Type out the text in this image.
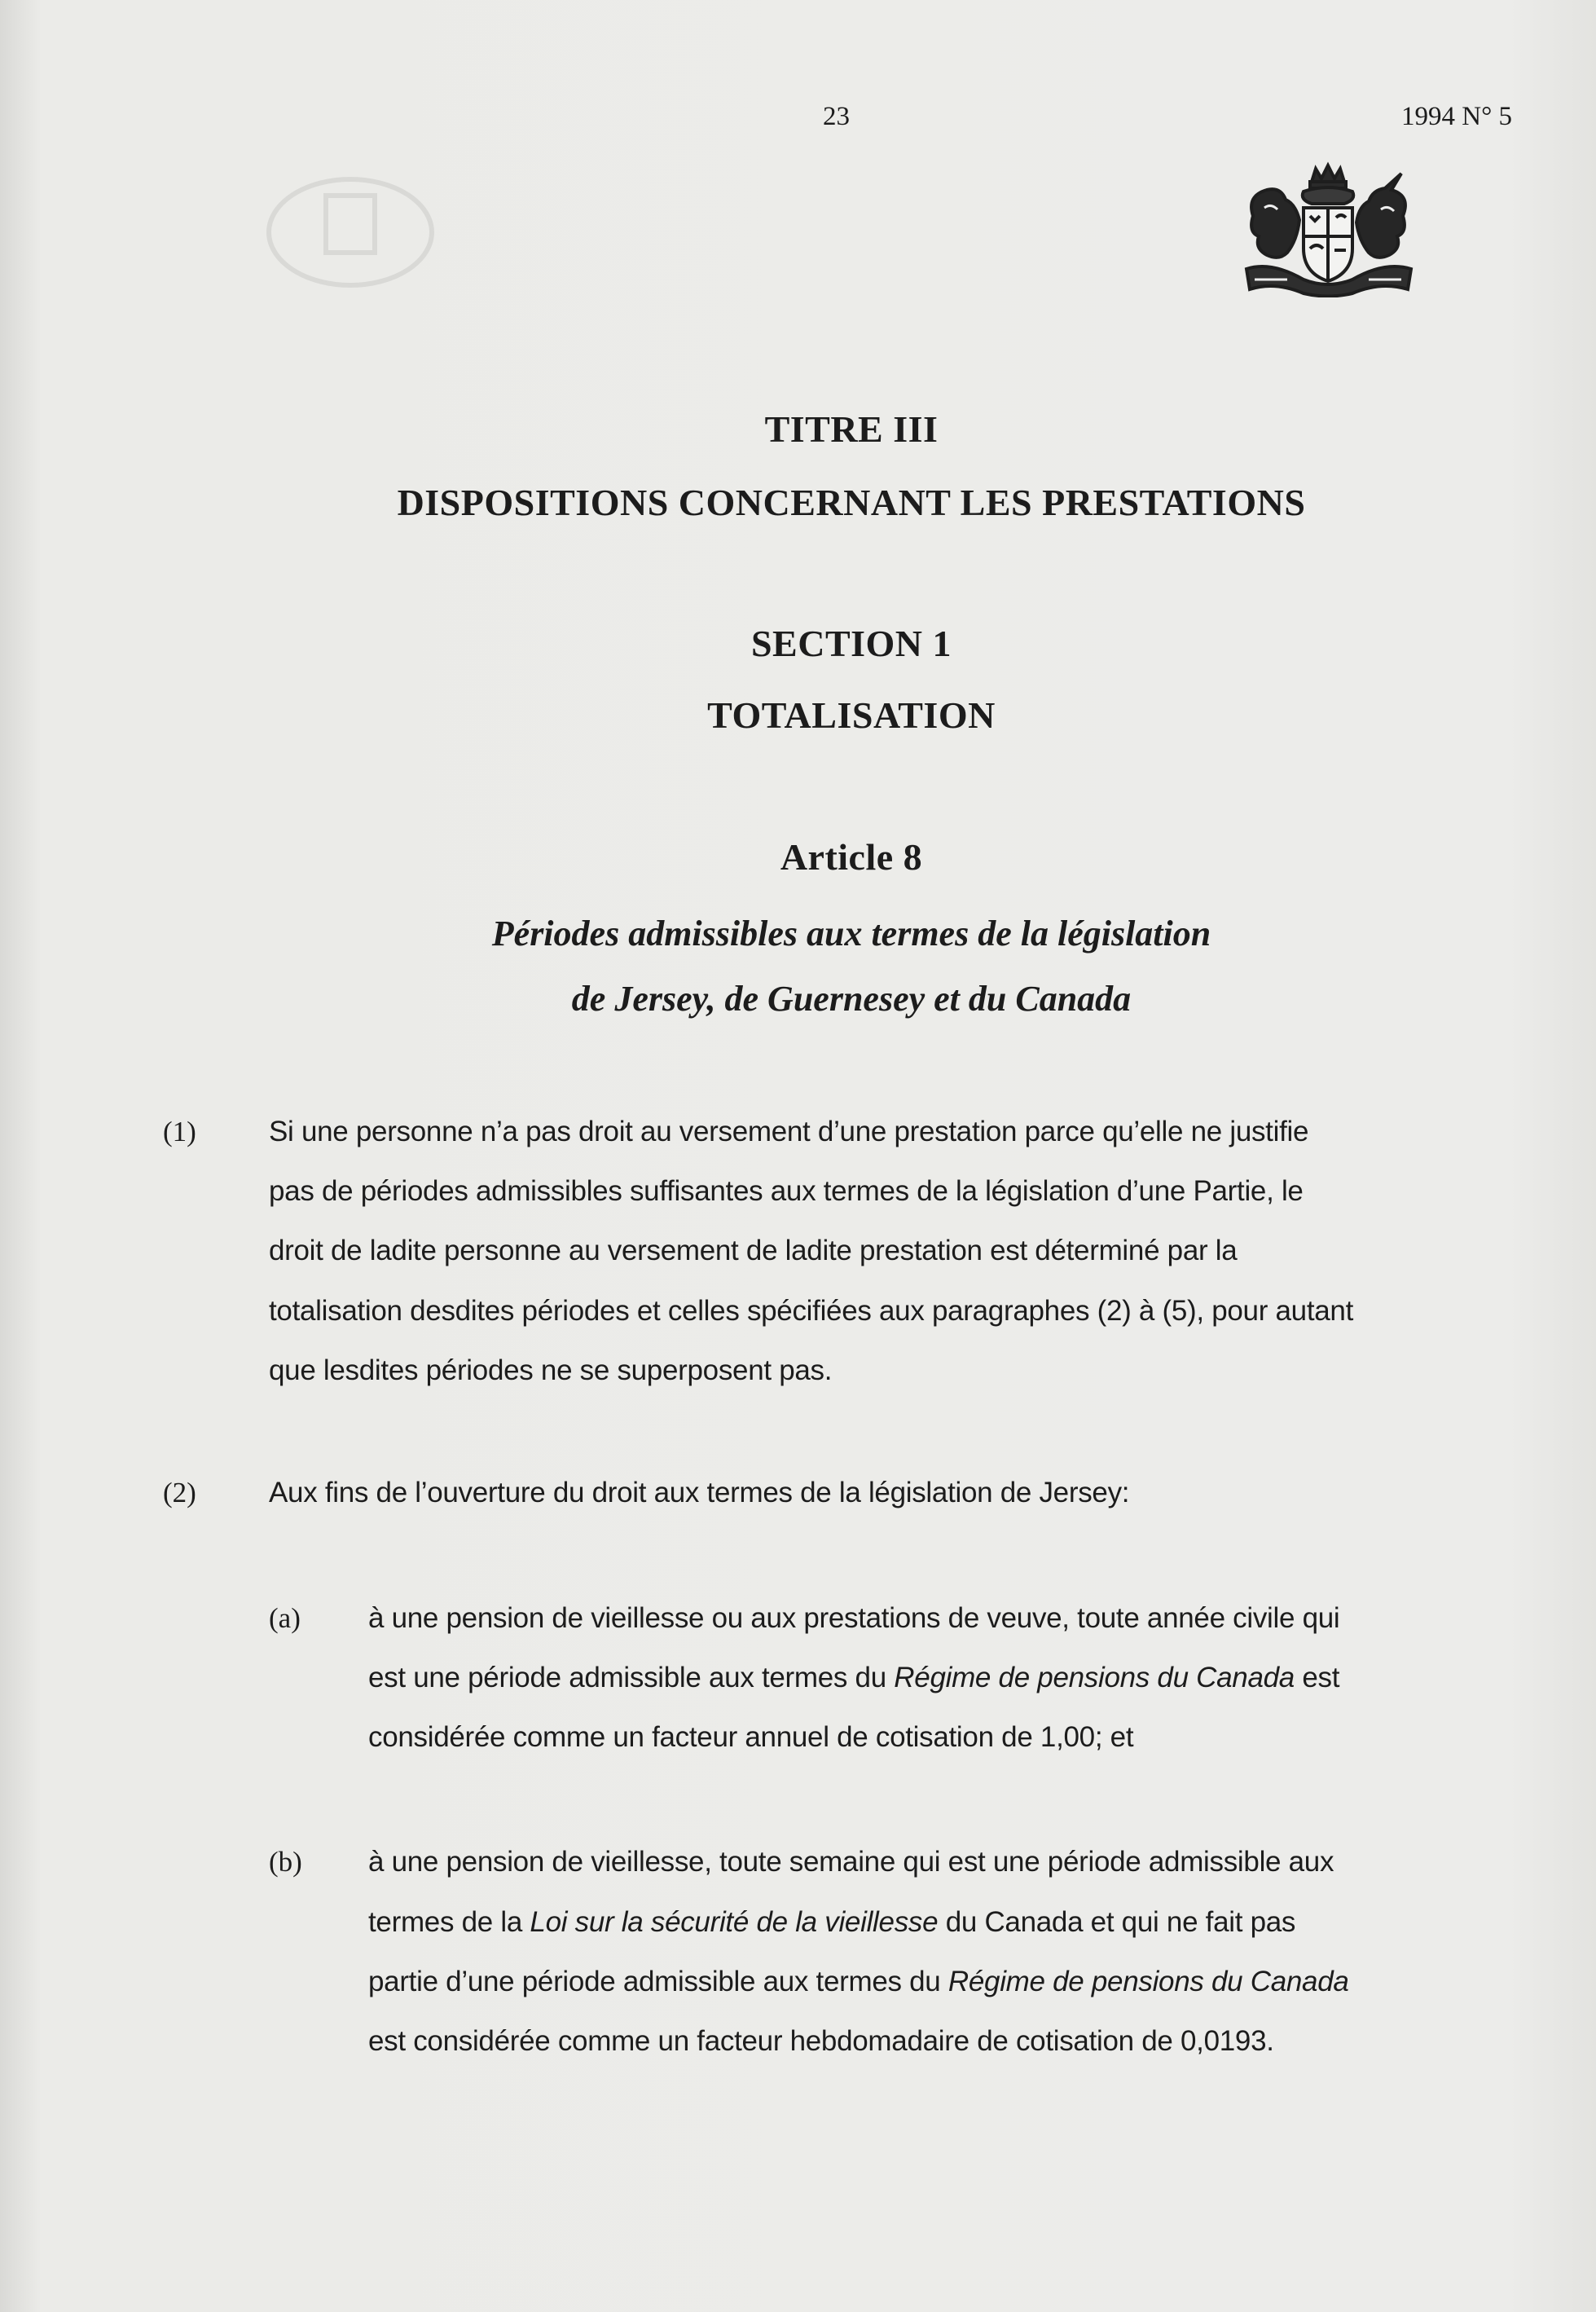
23	1994 N° 5
TITRE III
DISPOSITIONS CONCERNANT LES PRESTATIONS
SECTION 1
TOTALISATION
Article 8
Périodes admissibles aux termes de la législation
de Jersey, de Guernesey et du Canada
(1)	Si une personne n’a pas droit au versement d’une prestation parce qu’elle ne justifie
pas de périodes admissibles suffisantes aux termes de la législation d’une Partie, le
droit de ladite personne au versement de ladite prestation est déterminé par la
totalisation desdites périodes et celles spécifiées aux paragraphes (2) à (5), pour autant
que lesdites périodes ne se superposent pas.
(2)	Aux fins de l’ouverture du droit aux termes de la législation de Jersey:
(a) à une pension de vieillesse ou aux prestations de veuve, toute année civile qui
est une période admissible aux termes du Régime de pensions du Canada est
considérée comme un facteur annuel de cotisation de 1,00; et
(b) à une pension de vieillesse, toute semaine qui est une période admissible aux
termes de la Loi sur la sécurité de la vieillesse du Canada et qui ne fait pas
partie d’une période admissible aux termes du Régime de pensions du Canada
est considérée comme un facteur hebdomadaire de cotisation de 0,0193.
